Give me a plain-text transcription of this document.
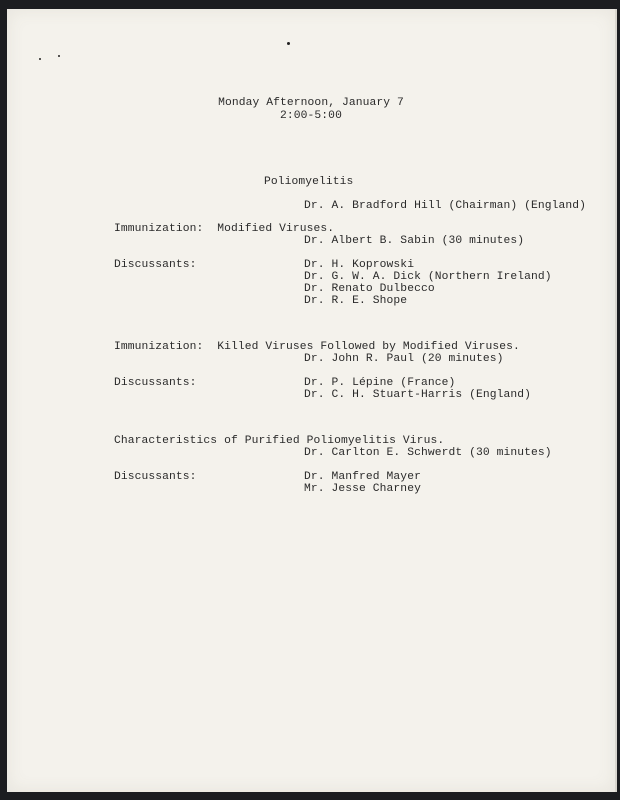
Monday Afternoon, January 7
2:00-5:00
Poliomyelitis
Dr. A. Bradford Hill (Chairman) (England)
Immunization:  Modified Viruses.
Dr. Albert B. Sabin (30 minutes)
Discussants:	Dr. H. Koprowski
Dr. G. W. A. Dick (Northern Ireland)
Dr. Renato Dulbecco
Dr. R. E. Shope
Immunization:  Killed Viruses Followed by Modified Viruses.
Dr. John R. Paul (20 minutes)
Discussants:	Dr. P. Lépine (France)
Dr. C. H. Stuart-Harris (England)
Characteristics of Purified Poliomyelitis Virus.
Dr. Carlton E. Schwerdt (30 minutes)
Discussants:	Dr. Manfred Mayer
Mr. Jesse Charney
